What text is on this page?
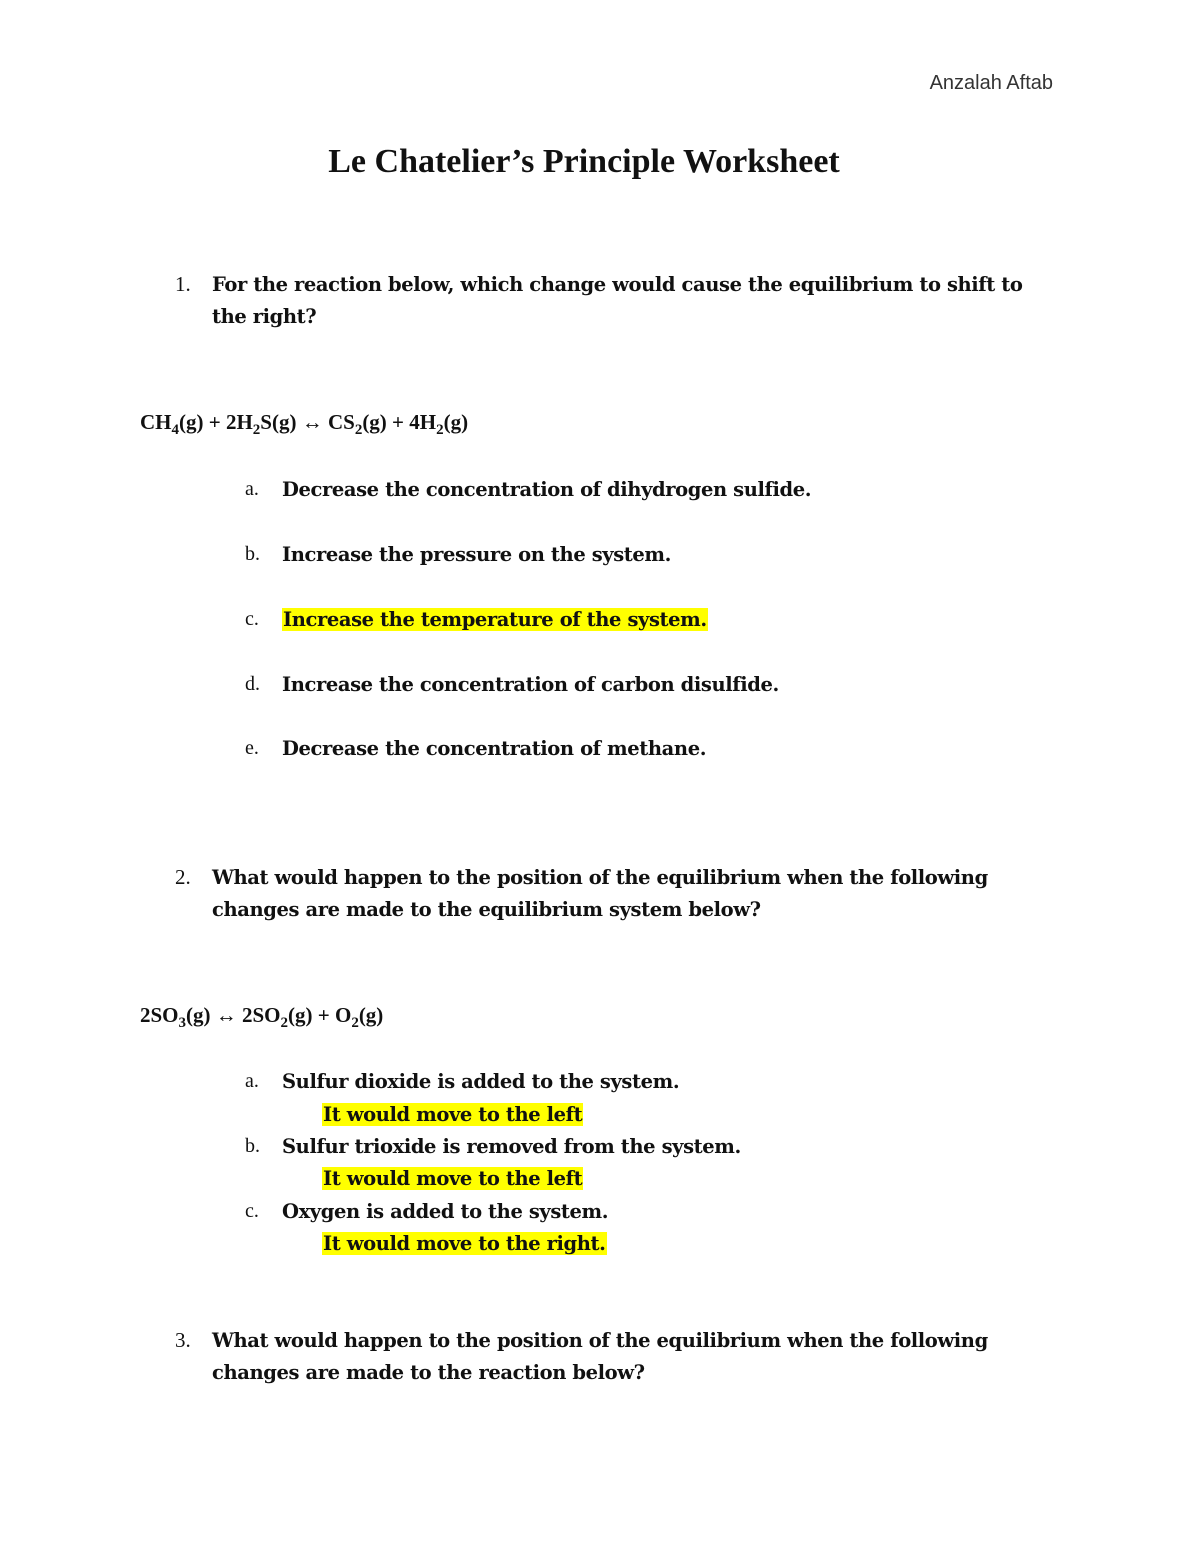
Anzalah Aftab
Le Chatelier’s Principle Worksheet
1. For the reaction below, which change would cause the equilibrium to shift to the right?
$CH_4(g) + 2H_2S(g)$ ↔ $CS_2(g) + 4H_2(g)$
a. Decrease the concentration of dihydrogen sulfide.
b. Increase the pressure on the system.
c. Increase the temperature of the system.
d. Increase the concentration of carbon disulfide.
e. Decrease the concentration of methane.
2. What would happen to the position of the equilibrium when the following changes are made to the equilibrium system below?
$2SO_3(g)$ ↔ $2SO_2(g) + O_2(g)$
a. Sulfur dioxide is added to the system.
It would move to the left
b. Sulfur trioxide is removed from the system.
It would move to the left
c. Oxygen is added to the system.
It would move to the right.
3. What would happen to the position of the equilibrium when the following changes are made to the reaction below?
